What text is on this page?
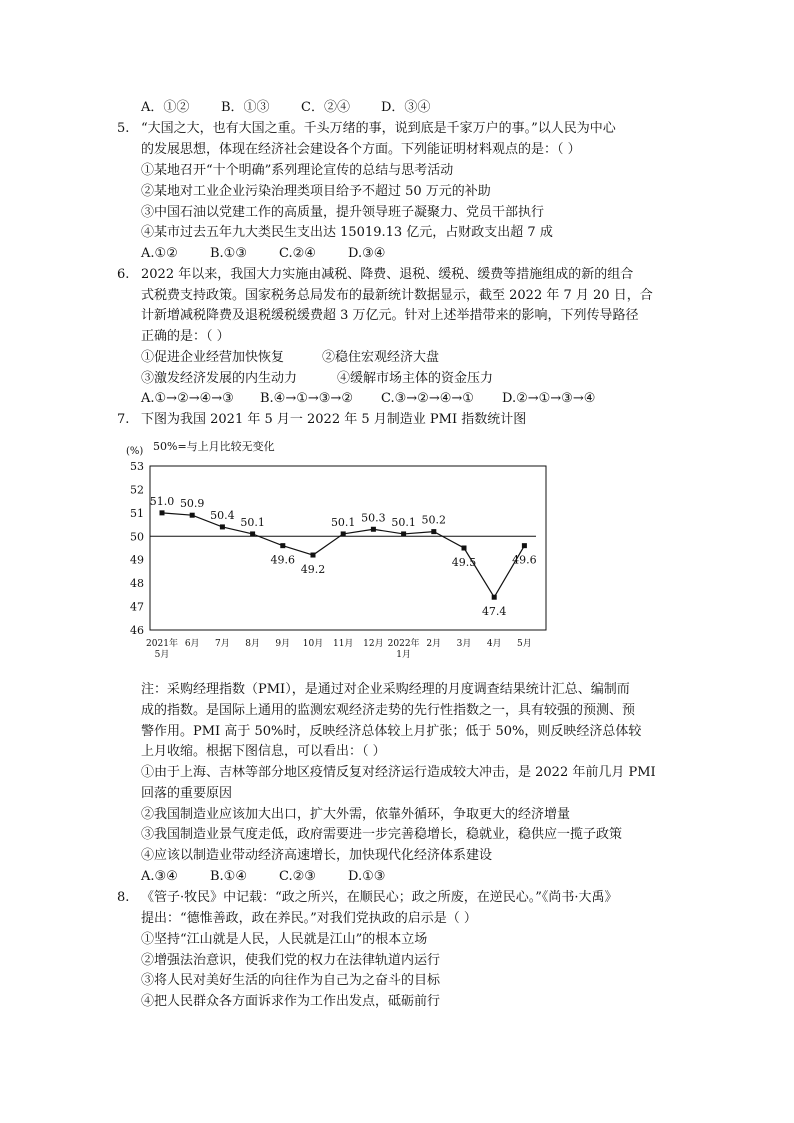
A．①② B．①③ C．②④ D．③④
5. “大国之大，也有大国之重。千头万绪的事，说到底是千家万户的事。”以人民为中心
的发展思想，体现在经济社会建设各个方面。下列能证明材料观点的是：（ ）
①某地召开“十个明确”系列理论宣传的总结与思考活动
②某地对工业企业污染治理类项目给予不超过 50 万元的补助
③中国石油以党建工作的高质量，提升领导班子凝聚力、党员干部执行
④某市过去五年九大类民生支出达 15019.13 亿元，占财政支出超 7 成
A.①② B.①③ C.②④ D.③④
6. 2022 年以来，我国大力实施由减税、降费、退税、缓税、缓费等措施组成的新的组合
式税费支持政策。国家税务总局发布的最新统计数据显示，截至 2022 年 7 月 20 日，合
计新增减税降费及退税缓税缓费超 3 万亿元。针对上述举措带来的影响，下列传导路径
正确的是：（ ）
①促进企业经营加快恢复	②稳住宏观经济大盘
③激发经济发展的内生动力	④缓解市场主体的资金压力
A.①→②→④→③ B.④→①→③→② C.③→②→④→① D.②→①→③→④
7. 下图为我国 2021 年 5 月一 2022 年 5 月制造业 PMI 指数统计图
(%) 50%=与上月比较无变化
46
47
48
49
50
51
52
53
51.0 50.9
50.4
50.1
49.6
49.2
50.1 50.3 50.1 50.2
49.5
47.4
49.6
2021年
5月
6月 7月 8月 9月 10月 11月 12月 2022年
1月
2月 3月 4月 5月
注：采购经理指数（PMI），是通过对企业采购经理的月度调查结果统计汇总、编制而
成的指数。是国际上通用的监测宏观经济走势的先行性指数之一，具有较强的预测、预
警作用。PMI 高于 50%时，反映经济总体较上月扩张；低于 50%，则反映经济总体较
上月收缩。根据下图信息，可以看出：（ ）
①由于上海、吉林等部分地区疫情反复对经济运行造成较大冲击，是 2022 年前几月 PMI
回落的重要原因
②我国制造业应该加大出口，扩大外需，依靠外循环，争取更大的经济增量
③我国制造业景气度走低，政府需要进一步完善稳增长，稳就业，稳供应一揽子政策
④应该以制造业带动经济高速增长，加快现代化经济体系建设
A.③④ B.①④ C.②③ D.①③
8. 《管子·牧民》中记载：“政之所兴，在顺民心；政之所废，在逆民心。”《尚书·大禹》
提出：“德惟善政，政在养民。”对我们党执政的启示是（ ）
①坚持“江山就是人民，人民就是江山”的根本立场
②增强法治意识，使我们党的权力在法律轨道内运行
③将人民对美好生活的向往作为自己为之奋斗的目标
④把人民群众各方面诉求作为工作出发点，砥砺前行
